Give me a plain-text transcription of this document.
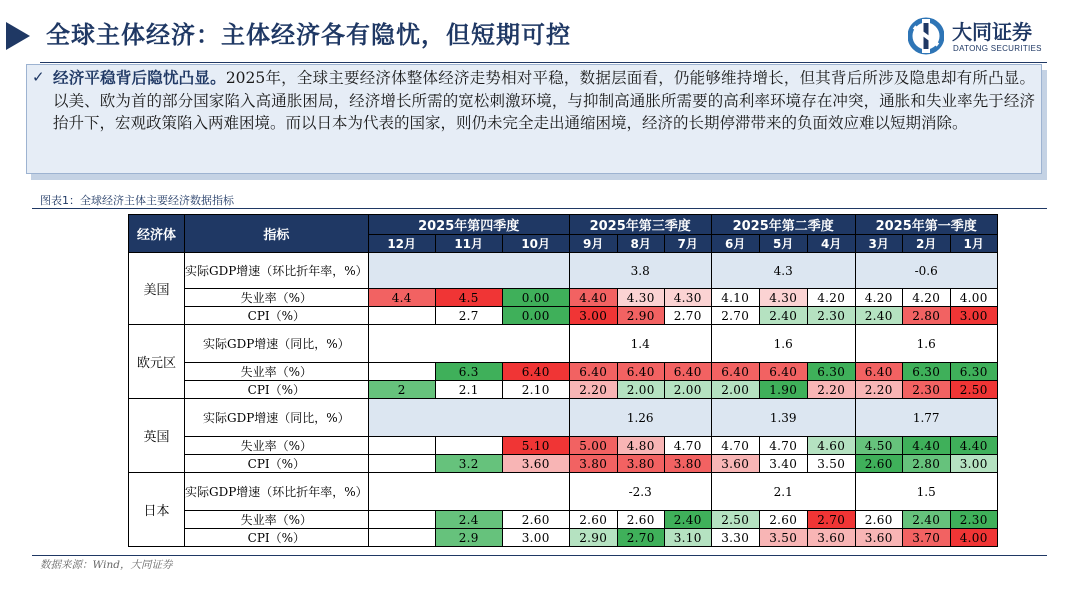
全球主体经济：主体经济各有隐忧，但短期可控	大同证券
DATONG SECURITIES
✓ 经济平稳背后隐忧凸显。2025年，全球主要经济体整体经济走势相对平稳，数据层面看，仍能够维持增长，但其背后所涉及隐患却有所凸显。以美、欧为首的部分国家陷入高通胀困局，经济增长所需的宽松刺激环境，与抑制高通胀所需要的高利率环境存在冲突，通胀和失业率先于经济抬升下，宏观政策陷入两难困境。而以日本为代表的国家，则仍未完全走出通缩困境，经济的长期停滞带来的负面效应难以短期消除。
图表1：全球经济主体主要经济数据指标
经济体	指标	2025年第四季度			2025年第三季度			2025年第二季度			2025年第一季度		
		12月	11月	10月	9月	8月	7月	6月	5月	4月	3月	2月	1月
美国	实际GDP增速（环比折年率，%）				3.8			4.3			-0.6		
	失业率（%）	4.4	4.5	0.00	4.40	4.30	4.30	4.10	4.30	4.20	4.20	4.20	4.00
	CPI（%）		2.7	0.00	3.00	2.90	2.70	2.70	2.40	2.30	2.40	2.80	3.00
欧元区	实际GDP增速（同比，%）				1.4			1.6			1.6		
	失业率（%）		6.3	6.40	6.40	6.40	6.40	6.40	6.40	6.30	6.40	6.30	6.30
	CPI（%）	2	2.1	2.10	2.20	2.00	2.00	2.00	1.90	2.20	2.20	2.30	2.50
英国	实际GDP增速（同比，%）				1.26			1.39			1.77		
	失业率（%）			5.10	5.00	4.80	4.70	4.70	4.70	4.60	4.50	4.40	4.40
	CPI（%）		3.2	3.60	3.80	3.80	3.80	3.60	3.40	3.50	2.60	2.80	3.00
日本	实际GDP增速（环比折年率，%）				-2.3			2.1			1.5		
	失业率（%）		2.4	2.60	2.60	2.60	2.40	2.50	2.60	2.70	2.60	2.40	2.30
	CPI（%）		2.9	3.00	2.90	2.70	3.10	3.30	3.50	3.60	3.60	3.70	4.00
数据来源：Wind，大同证券
